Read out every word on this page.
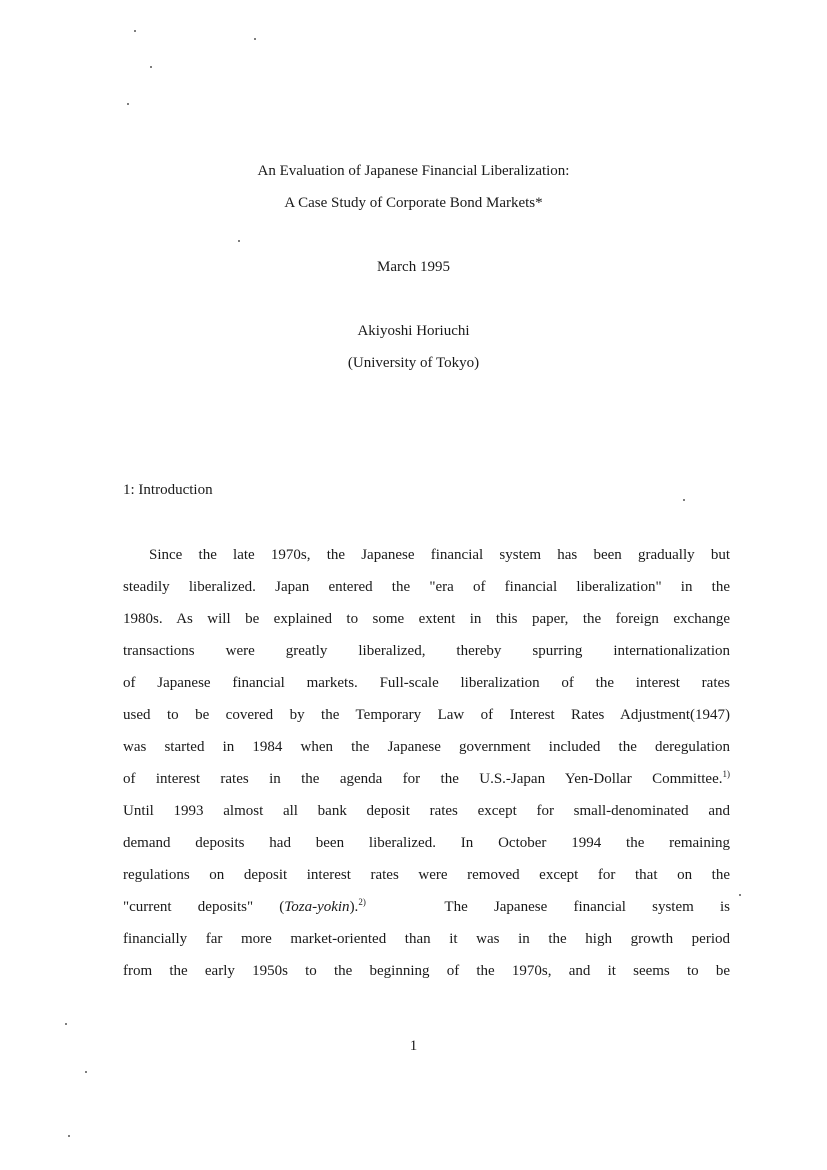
An Evaluation of Japanese Financial Liberalization:
A Case Study of Corporate Bond Markets*
March 1995
Akiyoshi Horiuchi
(University of Tokyo)
1: Introduction
Since the late 1970s, the Japanese financial system has been gradually but
steadily liberalized. Japan entered the "era of financial liberalization" in the
1980s. As will be explained to some extent in this paper, the foreign exchange
transactions were greatly liberalized, thereby spurring internationalization
of Japanese financial markets. Full-scale liberalization of the interest rates
used to be covered by the Temporary Law of Interest Rates Adjustment(1947)
was started in 1984 when the Japanese government included the deregulation
of interest rates in the agenda for the U.S.-Japan Yen-Dollar Committee.$^{1)}$
Until 1993 almost all bank deposit rates except for small-denominated and
demand deposits had been liberalized. In October 1994 the remaining
regulations on deposit interest rates were removed except for that on the
"current deposits" (Toza-yokin).$^{2)}$	The Japanese financial system is
financially far more market-oriented than it was in the high growth period
from the early 1950s to the beginning of the 1970s, and it seems to be
1
